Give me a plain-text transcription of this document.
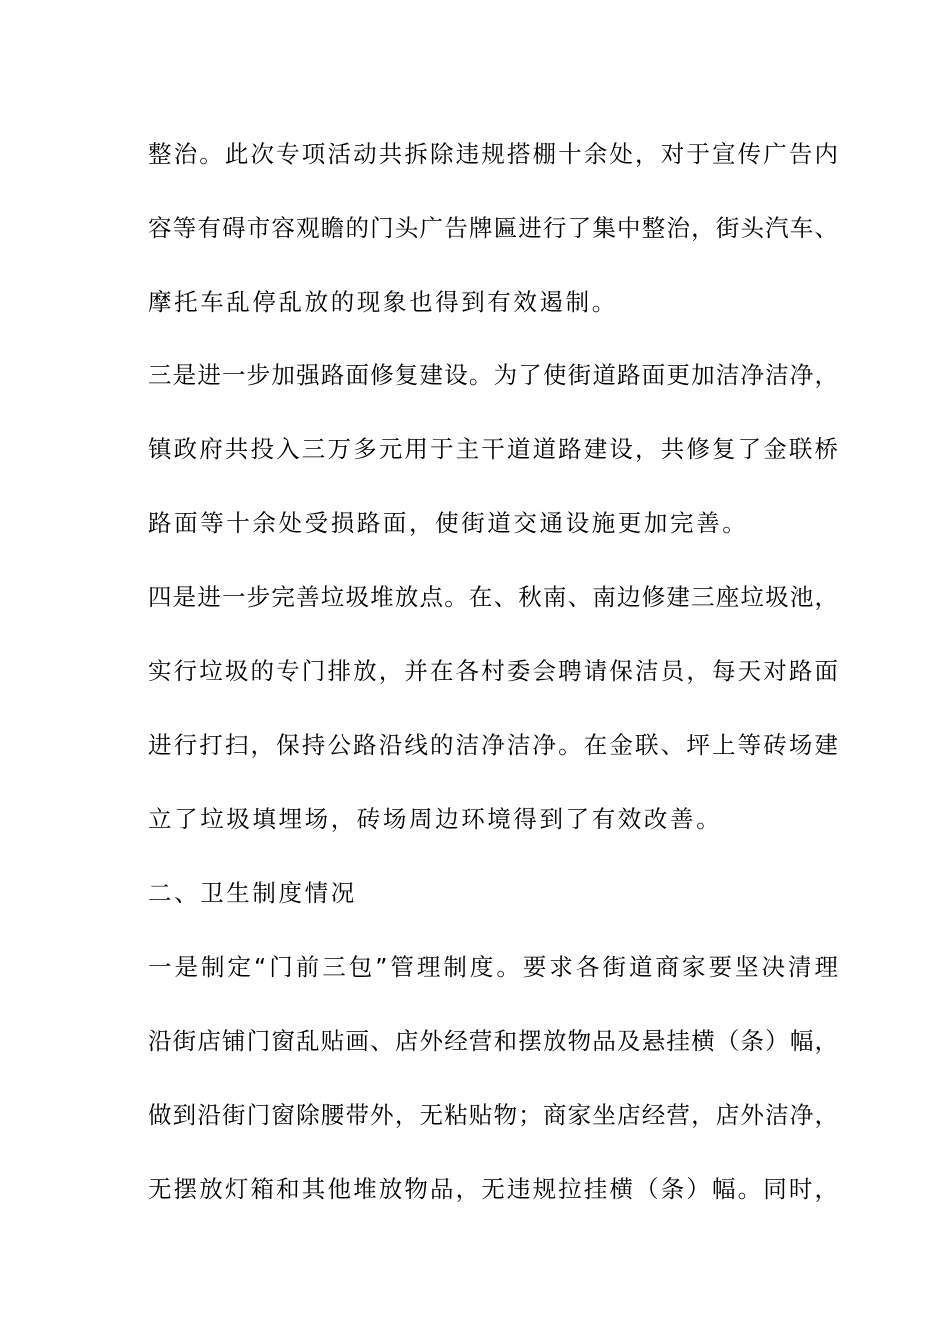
整治。此次专项活动共拆除违规搭棚十余处，对于宣传广告内
容等有碍市容观瞻的门头广告牌匾进行了集中整治，街头汽车、
摩托车乱停乱放的现象也得到有效遏制。
三是进一步加强路面修复建设。为了使街道路面更加洁净洁净，
镇政府共投入三万多元用于主干道道路建设，共修复了金联桥
路面等十余处受损路面，使街道交通设施更加完善。
四是进一步完善垃圾堆放点。在、秋南、南边修建三座垃圾池，
实行垃圾的专门排放，并在各村委会聘请保洁员，每天对路面
进行打扫，保持公路沿线的洁净洁净。在金联、坪上等砖场建
立了垃圾填埋场，砖场周边环境得到了有效改善。
二、卫生制度情况
一是制定“门前三包”管理制度。要求各街道商家要坚决清理
沿街店铺门窗乱贴画、店外经营和摆放物品及悬挂横（条）幅，
做到沿街门窗除腰带外，无粘贴物；商家坐店经营，店外洁净，
无摆放灯箱和其他堆放物品，无违规拉挂横（条）幅。同时，
